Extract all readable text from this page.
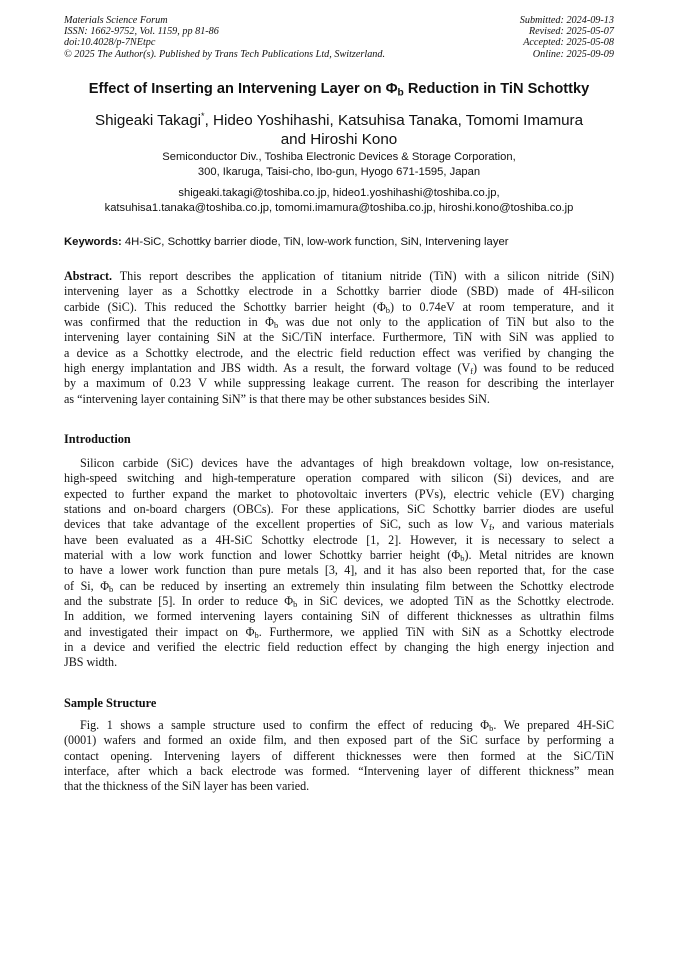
Materials Science Forum
ISSN: 1662-9752, Vol. 1159, pp 81-86
doi:10.4028/p-7NEtpc
© 2025 The Author(s). Published by Trans Tech Publications Ltd, Switzerland.
Submitted: 2024-09-13
Revised: 2025-05-07
Accepted: 2025-05-08
Online: 2025-09-09
Effect of Inserting an Intervening Layer on $\Phi_b$ Reduction in TiN Schottky
Shigeaki Takagi*, Hideo Yoshihashi, Katsuhisa Tanaka, Tomomi Imamura
and Hiroshi Kono
Semiconductor Div., Toshiba Electronic Devices & Storage Corporation,
300, Ikaruga, Taisi-cho, Ibo-gun, Hyogo 671-1595, Japan
shigeaki.takagi@toshiba.co.jp, hideo1.yoshihashi@toshiba.co.jp,
katsuhisa1.tanaka@toshiba.co.jp, tomomi.imamura@toshiba.co.jp, hiroshi.kono@toshiba.co.jp
Keywords: 4H-SiC, Schottky barrier diode, TiN, low-work function, SiN, Intervening layer
Abstract. This report describes the application of titanium nitride (TiN) with a silicon nitride (SiN)
intervening layer as a Schottky electrode in a Schottky barrier diode (SBD) made of 4H-silicon
carbide (SiC). This reduced the Schottky barrier height $(\Phi_b)$ to 0.74eV at room temperature, and it
was confirmed that the reduction in $\Phi_b$ was due not only to the application of TiN but also to the
intervening layer containing SiN at the SiC/TiN interface. Furthermore, TiN with SiN was applied to
a device as a Schottky electrode, and the electric field reduction effect was verified by changing the
high energy implantation and JBS width. As a result, the forward voltage $(V_f)$ was found to be reduced
by a maximum of 0.23 V while suppressing leakage current. The reason for describing the interlayer
as “intervening layer containing SiN” is that there may be other substances besides SiN.
Introduction
Silicon carbide (SiC) devices have the advantages of high breakdown voltage, low on-resistance,
high-speed switching and high-temperature operation compared with silicon (Si) devices, and are
expected to further expand the market to photovoltaic inverters (PVs), electric vehicle (EV) charging
stations and on-board chargers (OBCs). For these applications, SiC Schottky barrier diodes are useful
devices that take advantage of the excellent properties of SiC, such as low $V_f$, and various materials
have been evaluated as a 4H-SiC Schottky electrode [1, 2]. However, it is necessary to select a
material with a low work function and lower Schottky barrier height $(\Phi_b)$. Metal nitrides are known
to have a lower work function than pure metals [3, 4], and it has also been reported that, for the case
of Si, $\Phi_b$ can be reduced by inserting an extremely thin insulating film between the Schottky electrode
and the substrate [5]. In order to reduce $\Phi_b$ in SiC devices, we adopted TiN as the Schottky electrode.
In addition, we formed intervening layers containing SiN of different thicknesses as ultrathin films
and investigated their impact on $\Phi_b$. Furthermore, we applied TiN with SiN as a Schottky electrode
in a device and verified the electric field reduction effect by changing the high energy injection and
JBS width.
Sample Structure
Fig. 1 shows a sample structure used to confirm the effect of reducing $\Phi_b$. We prepared 4H-SiC
(0001) wafers and formed an oxide film, and then exposed part of the SiC surface by performing a
contact opening. Intervening layers of different thicknesses were then formed at the SiC/TiN
interface, after which a back electrode was formed. “Intervening layer of different thickness” mean
that the thickness of the SiN layer has been varied.
